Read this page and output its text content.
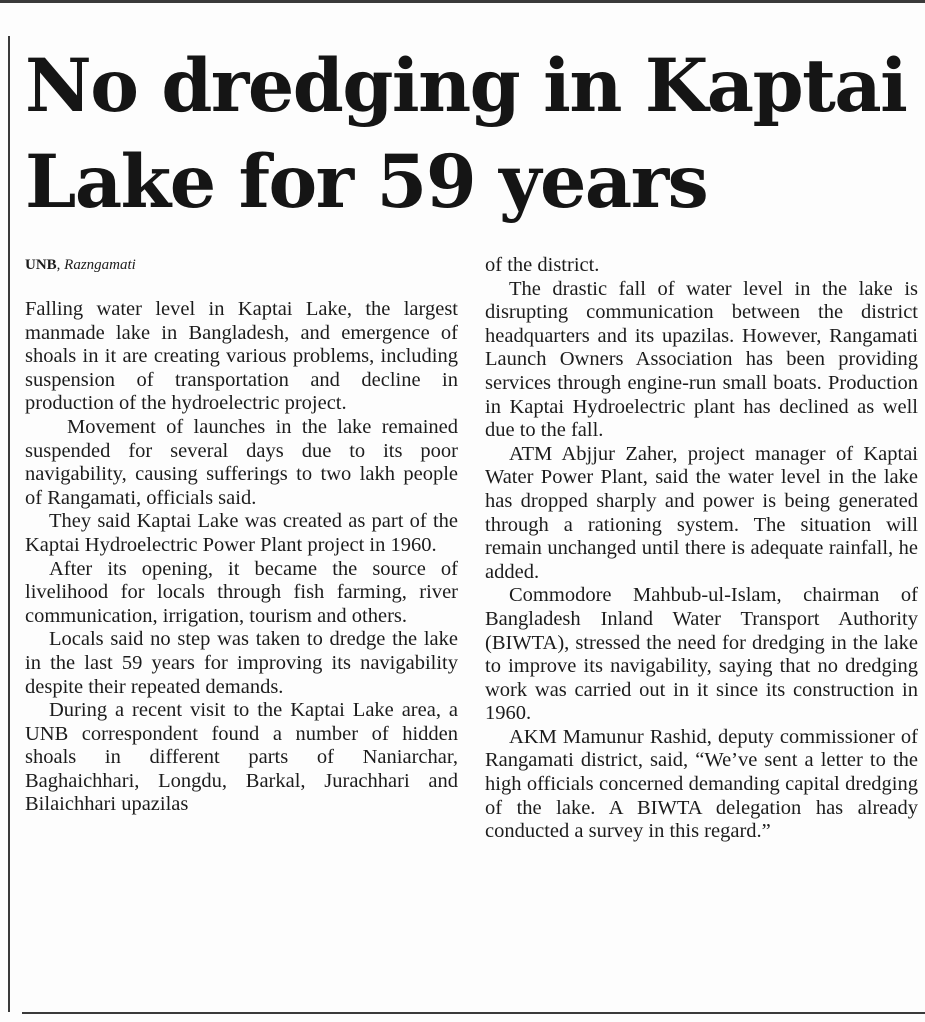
No dredging in Kaptai Lake for 59 years
UNB, Razngamati

Falling water level in Kaptai Lake, the largest manmade lake in Bangladesh, and emergence of shoals in it are creating various problems, including suspension of transportation and decline in production of the hydroelectric project.

Movement of launches in the lake remained suspended for several days due to its poor navigability, causing sufferings to two lakh people of Rangamati, officials said.

They said Kaptai Lake was created as part of the Kaptai Hydroelectric Power Plant project in 1960.

After its opening, it became the source of livelihood for locals through fish farming, river communication, irrigation, tourism and others.

Locals said no step was taken to dredge the lake in the last 59 years for improving its navigability despite their repeated demands.

During a recent visit to the Kaptai Lake area, a UNB correspondent found a number of hidden shoals in different parts of Naniarchar, Baghaichhari, Longdu, Barkal, Jurachhari and Bilaichhari upazilas

of the district.

The drastic fall of water level in the lake is disrupting communication between the district headquarters and its upazilas. However, Rangamati Launch Owners Association has been providing services through engine-run small boats. Production in Kaptai Hydroelectric plant has declined as well due to the fall.

ATM Abjjur Zaher, project manager of Kaptai Water Power Plant, said the water level in the lake has dropped sharply and power is being generated through a rationing system. The situation will remain unchanged until there is adequate rainfall, he added.

Commodore Mahbub-ul-Islam, chairman of Bangladesh Inland Water Transport Authority (BIWTA), stressed the need for dredging in the lake to improve its navigability, saying that no dredging work was carried out in it since its construction in 1960.

AKM Mamunur Rashid, deputy commissioner of Rangamati district, said, “We’ve sent a letter to the high officials concerned demanding capital dredging of the lake. A BIWTA delegation has already conducted a survey in this regard.”
